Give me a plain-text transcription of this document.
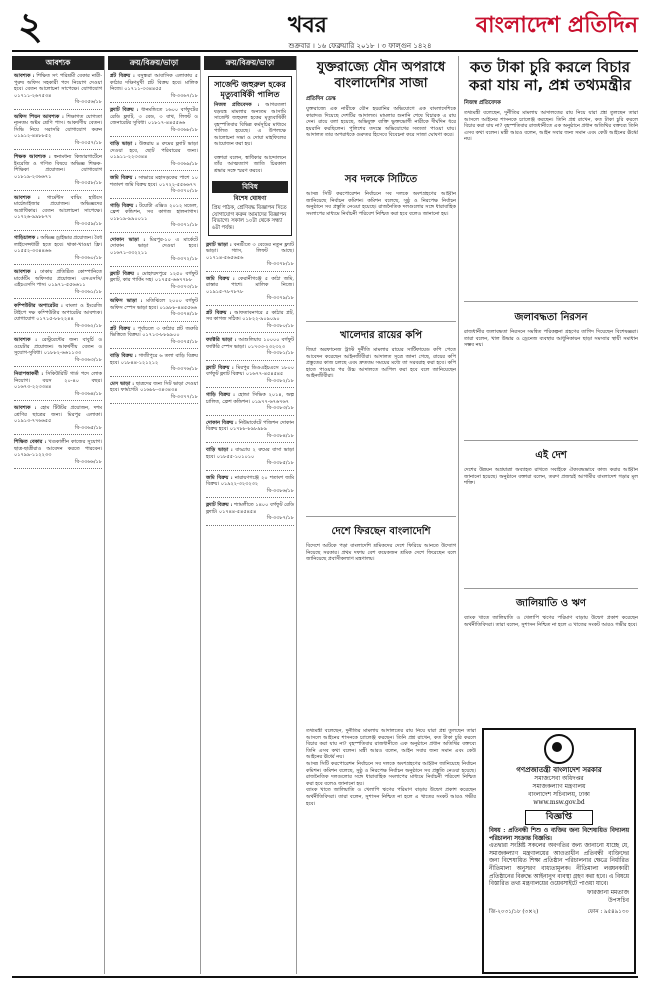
২	খবর	বাংলাদেশ প্রতিদিন
শুক্রবার । ১৬ ফেব্রুয়ারি ২০১৮ । ৩ ফাল্গুন ১৪২৪
আবশ্যক
আবশ্যক : শিক্ষিত সৎ পরিশ্রমী বেকার নারী-পুরুষ অফিস সহকারী পদে নিয়োগ দেওয়া হবে। বেতন আলোচনা সাপেক্ষে। যোগাযোগ ০১৭১১-২৬৭৫৩৪
বি-৩৩৫৬/১৮
অফিস পিয়ন আবশ্যক : শিক্ষাগত যোগ্যতা ন্যূনতম অষ্টম শ্রেণি পাস। আকর্ষণীয় বেতন। সিভি নিয়ে সরাসরি যোগাযোগ করুন ০১৯১২-৪৪৮৮৫২
বি-৩৩৫৭/১৮
শিক্ষক আবশ্যক : স্বনামধন্য কিন্ডারগার্টেনে ইংরেজি ও গণিত বিষয়ে অভিজ্ঞ শিক্ষক-শিক্ষিকা প্রয়োজন। যোগাযোগ ০১৮১৯-২৩৬৬৭১
বি-৩৩৫৮/১৮
আবশ্যক : গার্মেন্টস বায়িং হাউসে মার্চেন্ডাইজার প্রয়োজন। অভিজ্ঞদের অগ্রাধিকার। বেতন আলোচনা সাপেক্ষে। ০১৭২৬-৯৯৮৮৭৭
বি-৩৩৫৯/১৮
গাড়িচালক : অভিজ্ঞ ড্রাইভার প্রয়োজন। বৈধ লাইসেন্সধারী হতে হবে। থাকা-খাওয়া ফ্রি। ০১৫৫২-৩৩৪৪৬৬
বি-৩৩৬০/১৮
আবশ্যক : ঢাকায় প্রতিষ্ঠিত কোম্পানিতে মার্কেটিং অফিসার প্রয়োজন। এসএসসি/এইচএসসি পাস। ০১৯৭১-৫৫৬৬১১
বি-৩৩৬১/১৮
কম্পিউটার অপারেটর : বাংলা ও ইংরেজি টাইপে দক্ষ কম্পিউটার অপারেটর আবশ্যক। যোগাযোগ ০১৭১৫-৮৮২২৪৪
বি-৩৩৬২/১৮
আবশ্যক : রেস্টুরেন্টের জন্য বাবুর্চি ও ওয়েটার প্রয়োজন। আকর্ষণীয় বেতন ও সুযোগ-সুবিধা। ০১৮৮২-৬৬১১৩৩
বি-৩৩৬৩/১৮
নিরাপত্তাকর্মী : সিকিউরিটি গার্ড পদে লোক নিয়োগ। বয়স ২০-৪০ বছর। ০১৬৭৩-২২৩৩৪৪
বি-৩৩৬৪/১৮
আবশ্যক : হোম টিউটর প্রয়োজন, দশম শ্রেণির ছাত্রের জন্য। মিরপুর এলাকা। ০১৯১৩-৭৭৬৬৫৫
বি-৩৩৬৫/১৮
শিক্ষিত বেকার : খণ্ডকালীন কাজের সুযোগ। ছাত্র-ছাত্রীরাও আবেদন করতে পারবেন। ০১৭৯৯-১১২২৩৩
বি-৩৩৬৬/১৮
ক্রয়/বিক্রয়/ভাড়া
প্লট বিক্রয় : বসুন্ধরা আবাসিক এলাকায় ৫ কাঠার দক্ষিণমুখী প্লট বিক্রয় হবে। মালিক নিজে। ০১৭১১-৩৩৪৪৫৫
বি-৩৩৬৭/১৮
ফ্ল্যাট বিক্রয় : ধানমন্ডিতে ১৬০০ বর্গফুটের রেডি ফ্ল্যাট, ৩ বেড, ৩ বাথ, লিফট ও জেনারেটর সুবিধা। ০১৮১৭-৪৪৫৫৬৬
বি-৩৩৬৮/১৮
বাড়ি ভাড়া : উত্তরায় ৪ রুমের ফ্ল্যাট ভাড়া দেওয়া হবে, ছোট পরিবারের জন্য। ০১৯১১-২২৩৩৪৪
বি-৩৩৬৯/১৮
জমি বিক্রয় : সাভারে মহাসড়কের পাশে ১০ শতাংশ জমি বিক্রয় হবে। ০১৭২২-৫৫৬৬৭৭
বি-৩৩৭০/১৮
গাড়ি বিক্রয় : টয়োটা এক্সিও ২০১২ মডেল, ফ্রেশ কন্ডিশন, সব কাগজ হালনাগাদ। ০১৮১৯-৯৯০০১১
বি-৩৩৭১/১৮
দোকান ভাড়া : মিরপুর-১০ এ মার্কেটে দোকান ভাড়া দেওয়া হবে। ০১৬৭১-৩৩২২১১
বি-৩৩৭২/১৮
ফ্ল্যাট বিক্রয় : মোহাম্মদপুরে ১২৫০ বর্গফুট ফ্ল্যাট, কার পার্কিং সহ। ০১৭৫৫-৬৬৭৭৮৮
বি-৩৩৭৩/১৮
অফিস ভাড়া : মতিঝিলে ২০০০ বর্গফুট অফিস স্পেস ভাড়া হবে। ০১৯৮৮-৪৪৫৫৬৬
বি-৩৩৭৪/১৮
প্লট বিক্রয় : পূর্বাচলে ৩ কাঠার প্লট জরুরি ভিত্তিতে বিক্রয়। ০১৭১৩-৮৮৯৯০০
বি-৩৩৭৫/১৮
বাড়ি বিক্রয় : গাজীপুরে ৬ তলা বাড়ি বিক্রয় হবে। ০১৮৪৪-১২১২১২
বি-৩৩৭৬/১৮
মেস ভাড়া : ছাত্রদের জন্য সিট ভাড়া দেওয়া হবে। ফার্মগেট। ০১৬৮৮-৩৪৩৪৩৪
বি-৩৩৭৭/১৮
ক্রয়/বিক্রয়/ভাড়া
সার্জেন্ট জহুরুল হকের মৃত্যুবার্ষিকী পালিত
নিজস্ব প্রতিবেদক : আগরতলা ষড়যন্ত্র মামলার অন্যতম আসামি সার্জেন্ট জহুরুল হকের মৃত্যুবার্ষিকী বৃহস্পতিবার বিভিন্ন কর্মসূচির মাধ্যমে পালিত হয়েছে। এ উপলক্ষে আলোচনা সভা ও দোয়া মাহফিলের আয়োজন করা হয়।
বক্তারা বলেন, স্বাধিকার আন্দোলনে তাঁর আত্মত্যাগ জাতি চিরকাল শ্রদ্ধার সঙ্গে স্মরণ করবে।
বিবিধ
বিশেষ ঘোষণা
প্রিয় পাঠক, শ্রেণিবদ্ধ বিজ্ঞাপন দিতে যোগাযোগ করুন আমাদের বিজ্ঞাপন বিভাগে। সকাল ১০টা থেকে সন্ধ্যা ৬টা পর্যন্ত।
ফ্ল্যাট ভাড়া : বনশ্রীতে ৩ বেডের নতুন ফ্ল্যাট ভাড়া। গ্যাস, লিফট আছে। ০১৭১৪-৫৬৫৬৫৬
বি-৩৩৭৮/১৮
জমি বিক্রয় : কেরানীগঞ্জে ৫ কাঠা জমি, রাস্তার পাশে। মালিক নিজে। ০১৯১৫-৭৮৭৮৭৮
বি-৩৩৭৯/১৮
প্লট বিক্রয় : আফতাবনগরে ৫ কাঠার প্লট, সব কাগজ সঠিক। ০১৮২২-৯০৯০৯০
বি-৩৩৮০/১৮
ফ্যাক্টরি ভাড়া : আশুলিয়ায় ১০০০০ বর্গফুট ফ্যাক্টরি স্পেস ভাড়া। ০১৭৩৩-২৩২৩২৩
বি-৩৩৮১/১৮
ফ্ল্যাট বিক্রয় : মিরপুর ডিওএইচএসে ১৮০০ বর্গফুট ফ্ল্যাট বিক্রয়। ০১৬৭৭-৪৫৪৫৪৫
বি-৩৩৮২/১৮
গাড়ি বিক্রয় : হোন্ডা সিভিক ২০১৪, অল্প চালিত, ফ্রেশ কন্ডিশন। ০১৯৭৭-৬৭৬৭৬৭
বি-৩৩৮৩/১৮
দোকান বিক্রয় : নিউমার্কেটে পজিশন দোকান বিক্রয় হবে। ০১৭৮৮-৮৯৮৯৮৯
বি-৩৩৮৪/১৮
বাড়ি ভাড়া : বাড্ডায় ২ রুমের বাসা ভাড়া হবে। ০১৮৫৫-১০১০১০
বি-৩৩৮৫/১৮
জমি বিক্রয় : নারায়ণগঞ্জে ২০ শতাংশ জমি বিক্রয়। ০১৯২২-৩২৩২৩২
বি-৩৩৮৬/১৮
ফ্ল্যাট বিক্রয় : শ্যামলীতে ১৪০০ বর্গফুট রেডি ফ্ল্যাট। ০১৭৪৪-৫৪৫৪৫৪
বি-৩৩৮৭/১৮
যুক্তরাজ্যে যৌন অপরাধে বাংলাদেশির সাজা
কত টাকা চুরি করলে বিচার করা যায় না, প্রশ্ন তথ্যমন্ত্রীর
প্রতিদিন ডেস্ক
যুক্তরাজ্যে এক নারীকে যৌন হয়রানির অভিযোগে এক বাংলাদেশিকে কারাদণ্ড দিয়েছে দেশটির আদালত। মামলার শুনানি শেষে বিচারক এ রায় দেন। রায়ে বলা হয়েছে, অভিযুক্ত ব্যক্তি ভুক্তভোগী নারীকে দীর্ঘদিন ধরে হয়রানি করছিলেন। পুলিশের তদন্তে অভিযোগের সত্যতা পাওয়া যায়। আদালত তার অপরাধকে গুরুতর হিসেবে বিবেচনা করে সাজা ঘোষণা করে।
সব দলকে সিটিতে
আসন্ন সিটি করপোরেশন নির্বাচনে সব দলকে অংশগ্রহণের আহ্বান জানিয়েছে নির্বাচন কমিশন। কমিশন বলেছে, সুষ্ঠু ও নিরপেক্ষ নির্বাচন অনুষ্ঠানে সব প্রস্তুতি নেওয়া হয়েছে। রাজনৈতিক দলগুলোর সঙ্গে ধারাবাহিক সংলাপের মাধ্যমে নির্বাচনী পরিবেশ নিশ্চিত করা হবে বলেও জানানো হয়।
খালেদার রায়ের কপি
জিয়া অরফানেজ ট্রাস্ট দুর্নীতি মামলার রায়ের সার্টিফায়েড কপি পেতে আবেদন করেছেন আইনজীবীরা। আদালত সূত্রে জানা গেছে, রায়ের কপি প্রস্তুতের কাজ চলছে এবং দ্রুততম সময়ের মধ্যে তা সরবরাহ করা হবে। কপি হাতে পাওয়ার পর উচ্চ আদালতে আপিল করা হবে বলে জানিয়েছেন আইনজীবীরা।
দেশে ফিরছেন বাংলাদেশি
বিদেশে আটকে পড়া বাংলাদেশি শ্রমিকদের দেশে ফিরিয়ে আনতে উদ্যোগ নিয়েছে সরকার। প্রথম দফায় বেশ কয়েকজন শ্রমিক দেশে ফিরেছেন বলে জানিয়েছে প্রবাসীকল্যাণ মন্ত্রণালয়।
নিজস্ব প্রতিবেদক
তথ্যমন্ত্রী বলেছেন, দুর্নীতির মামলায় আদালতের রায় নিয়ে যারা প্রশ্ন তুলছেন তারা আসলে আইনের শাসনকে চ্যালেঞ্জ করছেন। তিনি প্রশ্ন রাখেন, কত টাকা চুরি করলে বিচার করা যায় না? বৃহস্পতিবার রাজধানীতে এক অনুষ্ঠানে প্রধান অতিথির বক্তব্যে তিনি এসব কথা বলেন। মন্ত্রী আরও বলেন, আইন সবার জন্য সমান এবং কেউ আইনের ঊর্ধ্বে নয়।
জলাবদ্ধতা নিরসন
রাজধানীর জলাবদ্ধতা নিরসনে সমন্বিত পরিকল্পনা গ্রহণের তাগিদ দিয়েছেন বিশেষজ্ঞরা। তারা বলেন, খাল উদ্ধার ও ড্রেনেজ ব্যবস্থার আধুনিকায়ন ছাড়া সমস্যার স্থায়ী সমাধান সম্ভব নয়।
এই দেশ
দেশের উন্নয়ন অগ্রযাত্রা অব্যাহত রাখতে সবাইকে ঐক্যবদ্ধভাবে কাজ করার আহ্বান জানানো হয়েছে। অনুষ্ঠানে বক্তারা বলেন, তরুণ প্রজন্মই আগামীর বাংলাদেশ গড়ার মূল শক্তি।
জালিয়াতি ও ঋণ
ব্যাংক খাতে জালিয়াতি ও খেলাপি ঋণের পরিমাণ বাড়ায় উদ্বেগ প্রকাশ করেছেন অর্থনীতিবিদরা। তারা বলেন, সুশাসন নিশ্চিত না হলে এ খাতের সংকট আরও গভীর হবে।
তথ্যমন্ত্রী বলেছেন, দুর্নীতির মামলায় আদালতের রায় নিয়ে যারা প্রশ্ন তুলছেন তারা আসলে আইনের শাসনকে চ্যালেঞ্জ করছেন। তিনি প্রশ্ন রাখেন, কত টাকা চুরি করলে বিচার করা যায় না? বৃহস্পতিবার রাজধানীতে এক অনুষ্ঠানে প্রধান অতিথির বক্তব্যে তিনি এসব কথা বলেন। মন্ত্রী আরও বলেন, আইন সবার জন্য সমান এবং কেউ আইনের ঊর্ধ্বে নয়।
আসন্ন সিটি করপোরেশন নির্বাচনে সব দলকে অংশগ্রহণের আহ্বান জানিয়েছে নির্বাচন কমিশন। কমিশন বলেছে, সুষ্ঠু ও নিরপেক্ষ নির্বাচন অনুষ্ঠানে সব প্রস্তুতি নেওয়া হয়েছে। রাজনৈতিক দলগুলোর সঙ্গে ধারাবাহিক সংলাপের মাধ্যমে নির্বাচনী পরিবেশ নিশ্চিত করা হবে বলেও জানানো হয়।
ব্যাংক খাতে জালিয়াতি ও খেলাপি ঋণের পরিমাণ বাড়ায় উদ্বেগ প্রকাশ করেছেন অর্থনীতিবিদরা। তারা বলেন, সুশাসন নিশ্চিত না হলে এ খাতের সংকট আরও গভীর হবে।
গণপ্রজাতন্ত্রী বাংলাদেশ সরকার
সমাজসেবা অধিদপ্তর
সমাজকল্যাণ মন্ত্রণালয়
বাংলাদেশ সচিবালয়, ঢাকা
www.msw.gov.bd
বিজ্ঞপ্তি
বিষয় : প্রতিবন্ধী শিশু ও ব্যক্তির জন্য বিশেষায়িত বিদ্যালয় পরিচালনা সংক্রান্ত বিজ্ঞপ্তি।
এতদ্বারা সংশ্লিষ্ট সকলের অবগতির জন্য জানানো যাচ্ছে যে, সমাজকল্যাণ মন্ত্রণালয়ের আওতাধীন প্রতিবন্ধী ব্যক্তিদের জন্য বিশেষায়িত শিক্ষা প্রতিষ্ঠান পরিচালনার ক্ষেত্রে নির্ধারিত নীতিমালা অনুসরণ বাধ্যতামূলক। নীতিমালা লঙ্ঘনকারী প্রতিষ্ঠানের বিরুদ্ধে আইনানুগ ব্যবস্থা গ্রহণ করা হবে। এ বিষয়ে বিস্তারিত তথ্য মন্ত্রণালয়ের ওয়েবসাইটে পাওয়া যাবে।
ফারজানা মমতাজ
উপসচিব
জি-২০৩১/১৮ (৩×২)	ফোন : ৯৫৪৯১৩০
